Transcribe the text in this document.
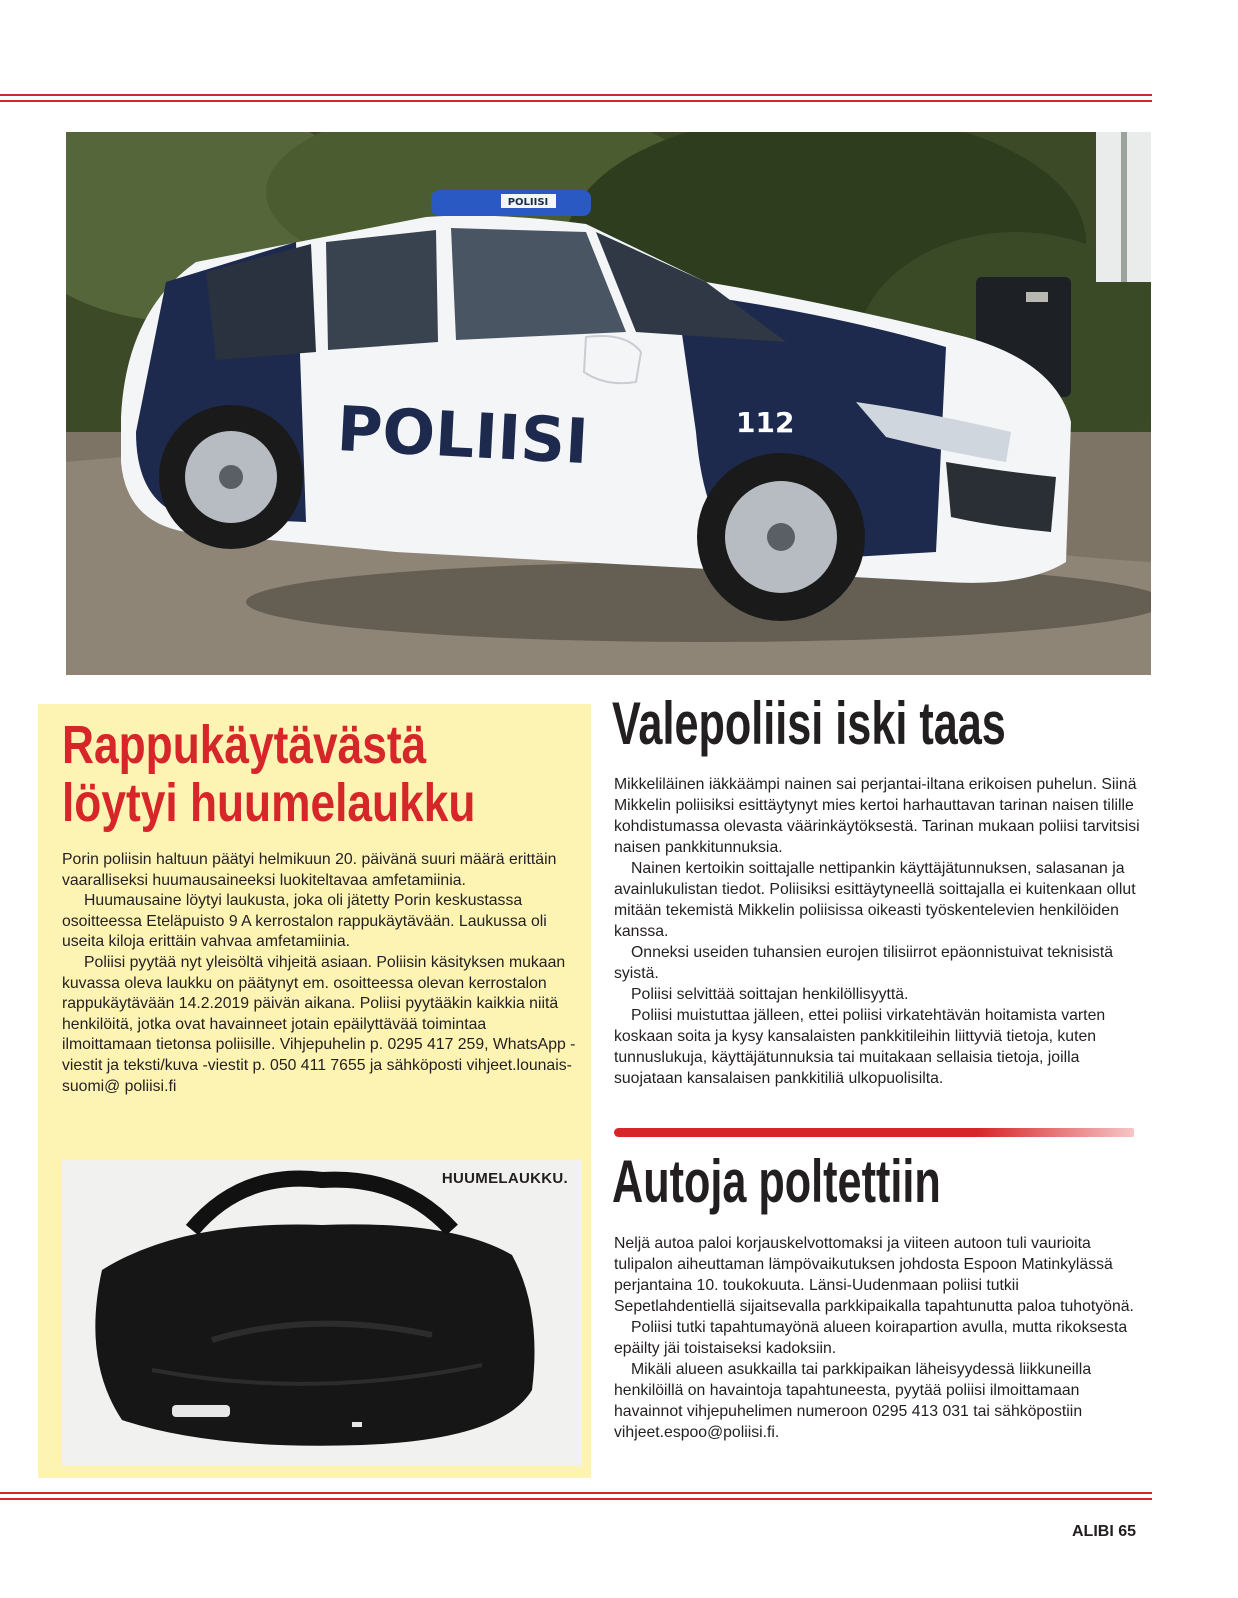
POLIISI
POLIISI	112
Rappukäytävästä
löytyi huumelaukku

Porin poliisin haltuun päätyi helmikuun 20. päivänä suuri määrä erittäin vaaralliseksi huumausaineeksi luokiteltavaa amfetamiinia.

Huumausaine löytyi laukusta, joka oli jätetty Porin keskustassa osoitteessa Eteläpuisto 9 A kerrostalon rappukäytävään. Laukussa oli useita kiloja erittäin vahvaa amfetamiinia.

Poliisi pyytää nyt yleisöltä vihjeitä asiaan. Poliisin käsityksen mukaan kuvassa oleva laukku on päätynyt em. osoitteessa olevan kerrostalon rappukäytävään 14.2.2019 päivän aikana. Poliisi pyytääkin kaikkia niitä henkilöitä, jotka ovat havainneet jotain epäilyttävää toimintaa ilmoittamaan tietonsa poliisille. Vihjepuhelin p. 0295 417 259, WhatsApp -viestit ja teksti/kuva -viestit p. 050 411 7655 ja sähköposti vihjeet.lounais-suomi@ poliisi.fi

HUUMELAUKKU.
Valepoliisi iski taas

Mikkeliläinen iäkkäämpi nainen sai perjantai-iltana erikoisen puhelun. Siinä Mikkelin poliisiksi esittäytynyt mies kertoi harhauttavan tarinan naisen tilille kohdistumassa olevasta väärinkäytöksestä. Tarinan mukaan poliisi tarvitsisi naisen pankkitunnuksia.

Nainen kertoikin soittajalle nettipankin käyttäjätunnuksen, salasanan ja avainlukulistan tiedot. Poliisiksi esittäytyneellä soittajalla ei kuitenkaan ollut mitään tekemistä Mikkelin poliisissa oikeasti työskentelevien henkilöiden kanssa.

Onneksi useiden tuhansien eurojen tilisiirrot epäonnistuivat teknisistä syistä.

Poliisi selvittää soittajan henkilöllisyyttä.

Poliisi muistuttaa jälleen, ettei poliisi virkatehtävän hoitamista varten koskaan soita ja kysy kansalaisten pankkitileihin liittyviä tietoja, kuten tunnuslukuja, käyttäjätunnuksia tai muitakaan sellaisia tietoja, joilla suojataan kansalaisen pankkitiliä ulkopuolisilta.

Autoja poltettiin

Neljä autoa paloi korjauskelvottomaksi ja viiteen autoon tuli vaurioita tulipalon aiheuttaman lämpövaikutuksen johdosta Espoon Matinkylässä perjantaina 10. toukokuuta. Länsi-Uudenmaan poliisi tutkii Sepetlahdentiellä sijaitsevalla parkkipaikalla tapahtunutta paloa tuhotyönä.

Poliisi tutki tapahtumayönä alueen koirapartion avulla, mutta rikoksesta epäilty jäi toistaiseksi kadoksiin.

Mikäli alueen asukkailla tai parkkipaikan läheisyydessä liikkuneilla henkilöillä on havaintoja tapahtuneesta, pyytää poliisi ilmoittamaan havainnot vihjepuhelimen numeroon 0295 413 031 tai sähköpostiin vihjeet.espoo@poliisi.fi.

ALIBI 65
